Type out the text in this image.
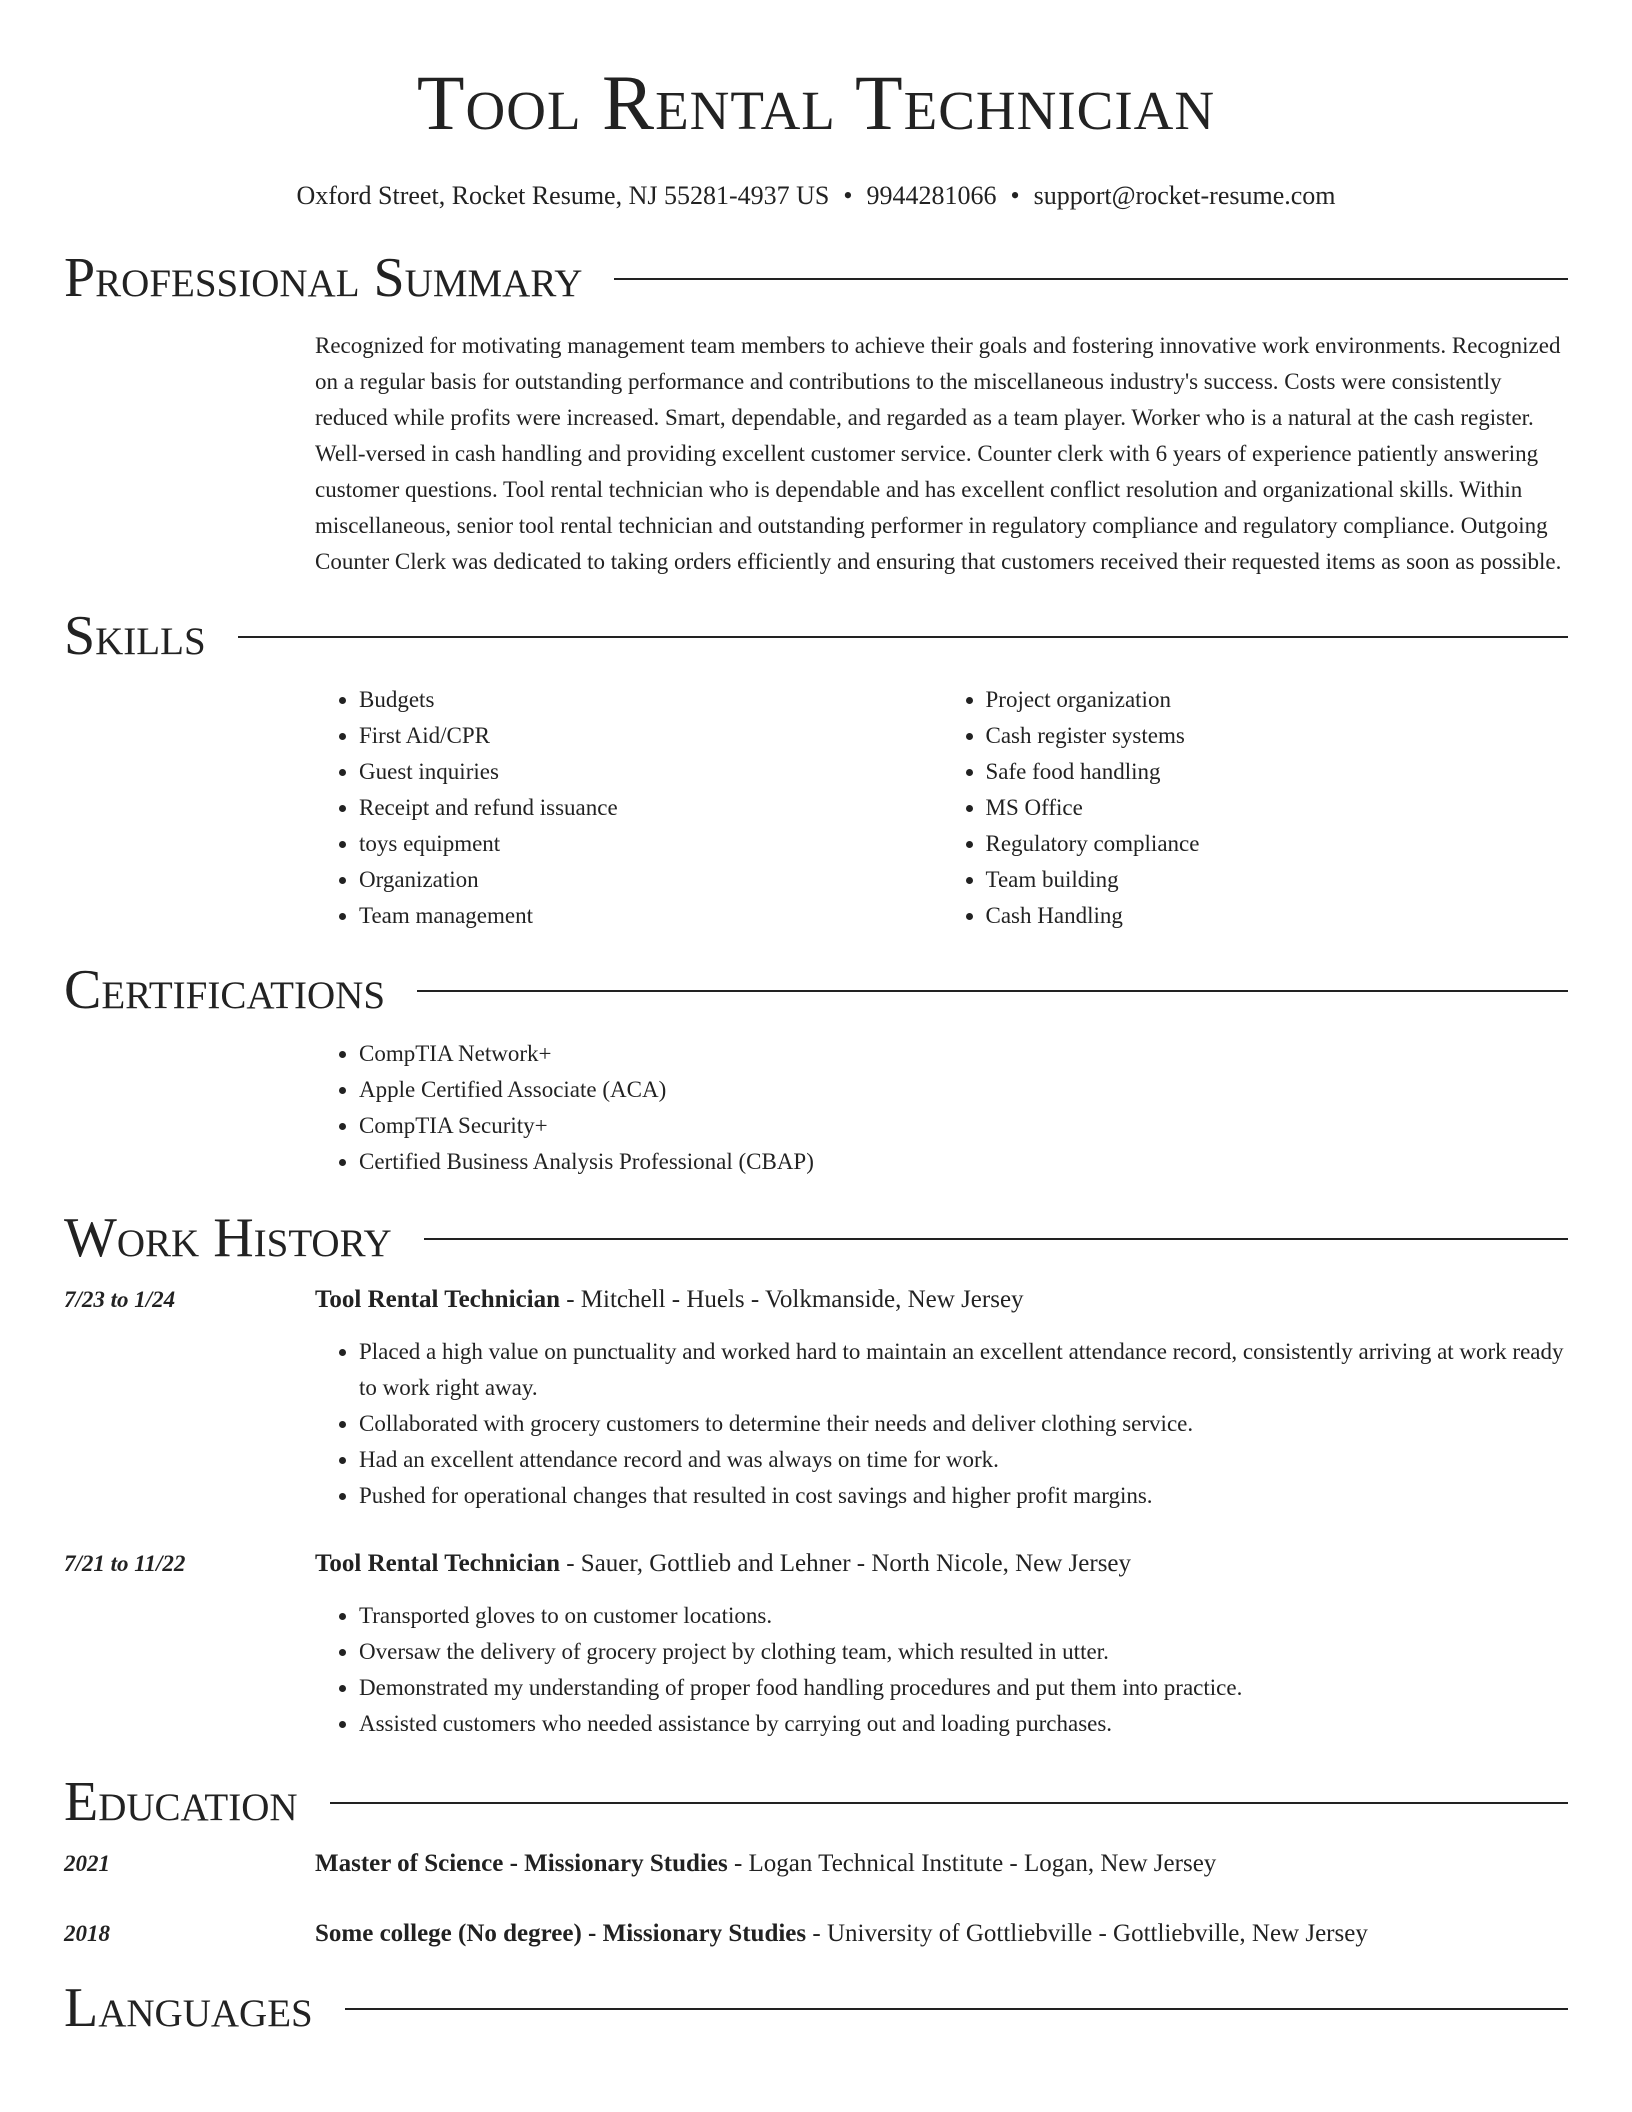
Tool Rental Technician
Oxford Street, Rocket Resume, NJ 55281-4937 US • 9944281066 • support@rocket-resume.com
Professional Summary

Recognized for motivating management team members to achieve their goals and fostering innovative work environments. Recognized on a regular basis for outstanding performance and contributions to the miscellaneous industry's success. Costs were consistently reduced while profits were increased. Smart, dependable, and regarded as a team player. Worker who is a natural at the cash register. Well-versed in cash handling and providing excellent customer service. Counter clerk with 6 years of experience patiently answering customer questions. Tool rental technician who is dependable and has excellent conflict resolution and organizational skills. Within miscellaneous, senior tool rental technician and outstanding performer in regulatory compliance and regulatory compliance. Outgoing Counter Clerk was dedicated to taking orders efficiently and ensuring that customers received their requested items as soon as possible.

Skills
• Budgets
• First Aid/CPR
• Guest inquiries
• Receipt and refund issuance
• toys equipment
• Organization
• Team management
• Project organization
• Cash register systems
• Safe food handling
• MS Office
• Regulatory compliance
• Team building
• Cash Handling
Certifications
• CompTIA Network+
• Apple Certified Associate (ACA)
• CompTIA Security+
• Certified Business Analysis Professional (CBAP)
Work History
7/23 to 1/24	Tool Rental Technician - Mitchell - Huels - Volkmanside, New Jersey
• Placed a high value on punctuality and worked hard to maintain an excellent attendance record, consistently arriving at work ready to work right away.
• Collaborated with grocery customers to determine their needs and deliver clothing service.
• Had an excellent attendance record and was always on time for work.
• Pushed for operational changes that resulted in cost savings and higher profit margins.
7/21 to 11/22	Tool Rental Technician - Sauer, Gottlieb and Lehner - North Nicole, New Jersey
• Transported gloves to on customer locations.
• Oversaw the delivery of grocery project by clothing team, which resulted in utter.
• Demonstrated my understanding of proper food handling procedures and put them into practice.
• Assisted customers who needed assistance by carrying out and loading purchases.
Education
2021	Master of Science - Missionary Studies - Logan Technical Institute - Logan, New Jersey
2018	Some college (No degree) - Missionary Studies - University of Gottliebville - Gottliebville, New Jersey
Languages
